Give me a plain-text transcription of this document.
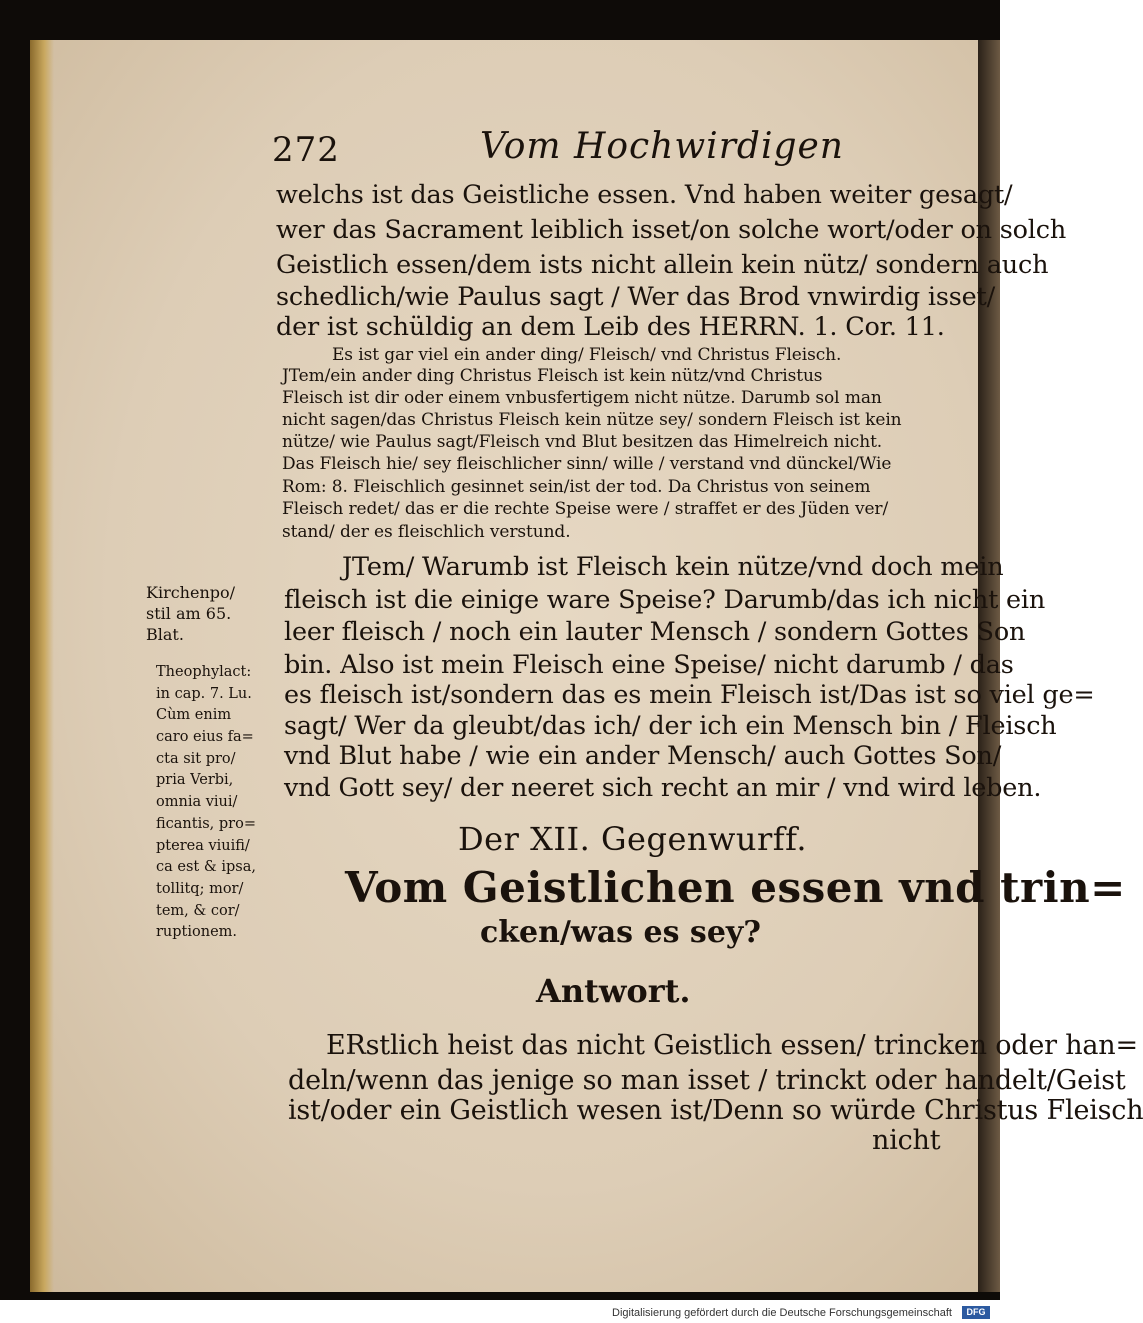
272	Vom Hochwirdigen
welchs ist das Geistliche essen. Vnd haben weiter gesagt/
wer das Sacrament leiblich isset/on solche wort/oder on solch
Geistlich essen/dem ists nicht allein kein nütz/ sondern auch
schedlich/wie Paulus sagt / Wer das Brod vnwirdig isset/
der ist schüldig an dem Leib des HERRN. 1. Cor. 11.
Es ist gar viel ein ander ding/ Fleisch/ vnd Christus Fleisch.
JTem/ein ander ding Christus Fleisch ist kein nütz/vnd Christus
Fleisch ist dir oder einem vnbusfertigem nicht nütze. Darumb sol man
nicht sagen/das Christus Fleisch kein nütze sey/ sondern Fleisch ist kein
nütze/ wie Paulus sagt/Fleisch vnd Blut besitzen das Himelreich nicht.
Das Fleisch hie/ sey fleischlicher sinn/ wille / verstand vnd dünckel/Wie
Rom: 8. Fleischlich gesinnet sein/ist der tod. Da Christus von seinem
Fleisch redet/ das er die rechte Speise were / straffet er des Jüden ver/
stand/ der es fleischlich verstund.
JTem/ Warumb ist Fleisch kein nütze/vnd doch mein
fleisch ist die einige ware Speise? Darumb/das ich nicht ein
leer fleisch / noch ein lauter Mensch / sondern Gottes Son
bin. Also ist mein Fleisch eine Speise/ nicht darumb / das
es fleisch ist/sondern das es mein Fleisch ist/Das ist so viel ge=
sagt/ Wer da gleubt/das ich/ der ich ein Mensch bin / Fleisch
vnd Blut habe / wie ein ander Mensch/ auch Gottes Son/
vnd Gott sey/ der neeret sich recht an mir / vnd wird leben.
Kirchenpo/
stil am 65.
Blat.
Theophylact:
in cap. 7. Lu.
Cùm enim
caro eius fa=
cta sit pro/
pria Verbi,
omnia viui/
ficantis, pro=
pterea viuifi/
ca est & ipsa,
tollitq; mor/
tem, & cor/
ruptionem.
Der XII. Gegenwurff.
Vom Geistlichen essen vnd trin=
cken/was es sey?
Antwort.
ERstlich heist das nicht Geistlich essen/ trincken oder han=
deln/wenn das jenige so man isset / trinckt oder handelt/Geist
ist/oder ein Geistlich wesen ist/Denn so würde Christus Fleisch
nicht
Digitalisierung gefördert durch die Deutsche Forschungsgemeinschaft	DFG
